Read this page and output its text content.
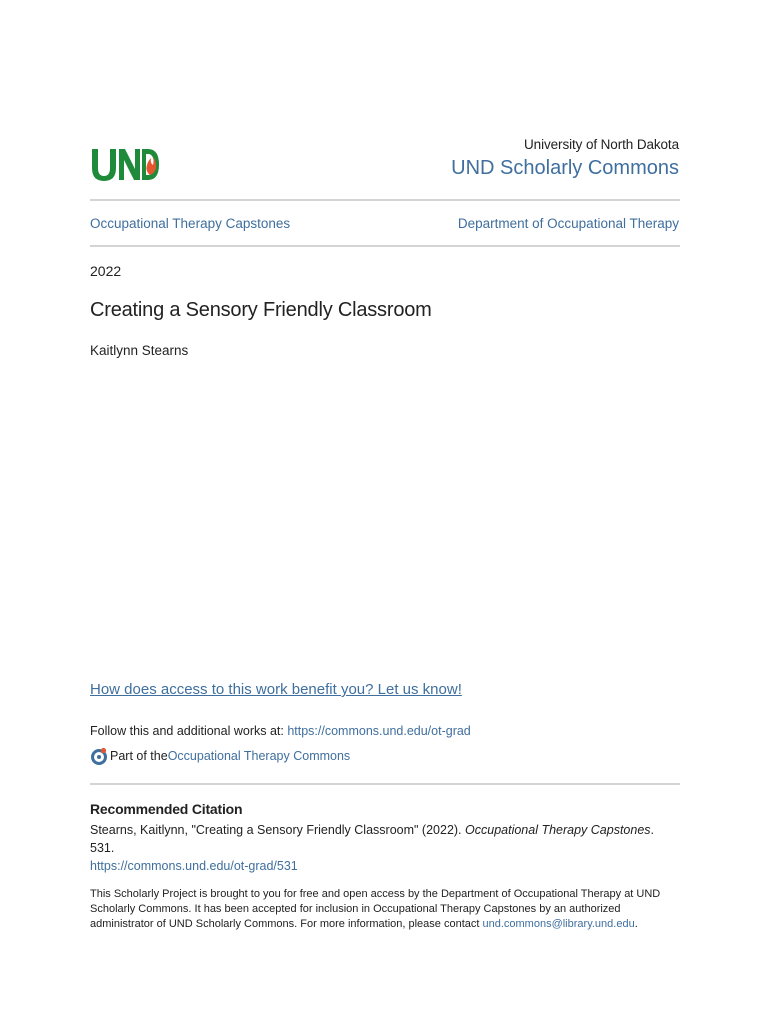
University of North Dakota
UND Scholarly Commons
Occupational Therapy Capstones	Department of Occupational Therapy
2022
Creating a Sensory Friendly Classroom
Kaitlynn Stearns
How does access to this work benefit you? Let us know!
Follow this and additional works at: https://commons.und.edu/ot-grad
Part of the Occupational Therapy Commons
Recommended Citation
Stearns, Kaitlynn, "Creating a Sensory Friendly Classroom" (2022). Occupational Therapy Capstones. 531.
https://commons.und.edu/ot-grad/531
This Scholarly Project is brought to you for free and open access by the Department of Occupational Therapy at UND Scholarly Commons. It has been accepted for inclusion in Occupational Therapy Capstones by an authorized administrator of UND Scholarly Commons. For more information, please contact und.commons@library.und.edu.
